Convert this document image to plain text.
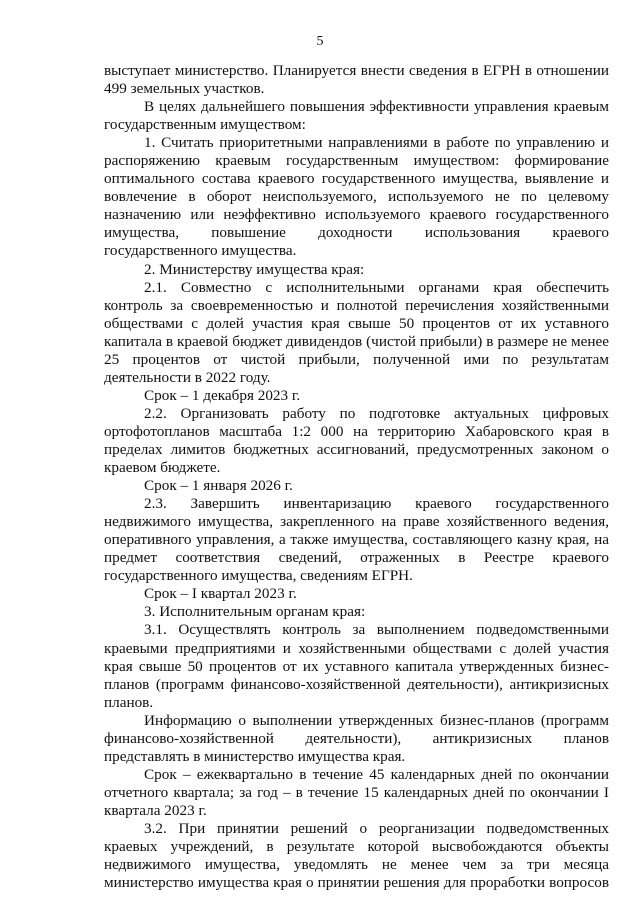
5

выступает министерство. Планируется внести сведения в ЕГРН в отношении 499 земельных участков.

В целях дальнейшего повышения эффективности управления краевым государственным имуществом:

1. Считать приоритетными направлениями в работе по управлению и распоряжению краевым государственным имуществом: формирование оптимального состава краевого государственного имущества, выявление и вовлечение в оборот неиспользуемого, используемого не по целевому назначению или неэффективно используемого краевого государственного имущества, повышение доходности использования краевого государственного имущества.

2. Министерству имущества края:

2.1. Совместно с исполнительными органами края обеспечить контроль за своевременностью и полнотой перечисления хозяйственными обществами с долей участия края свыше 50 процентов от их уставного капитала в краевой бюджет дивидендов (чистой прибыли) в размере не менее 25 процентов от чистой прибыли, полученной ими по результатам деятельности в 2022 году.

Срок – 1 декабря 2023 г.

2.2. Организовать работу по подготовке актуальных цифровых ортофотопланов масштаба 1:2 000 на территорию Хабаровского края в пределах лимитов бюджетных ассигнований, предусмотренных законом о краевом бюджете.

Срок – 1 января 2026 г.

2.3. Завершить инвентаризацию краевого государственного недвижимого имущества, закрепленного на праве хозяйственного ведения, оперативного управления, а также имущества, составляющего казну края, на предмет соответствия сведений, отраженных в Реестре краевого государственного имущества, сведениям ЕГРН.

Срок – I квартал 2023 г.

3. Исполнительным органам края:

3.1. Осуществлять контроль за выполнением подведомственными краевыми предприятиями и хозяйственными обществами с долей участия края свыше 50 процентов от их уставного капитала утвержденных бизнес-планов (программ финансово-хозяйственной деятельности), антикризисных планов.

Информацию о выполнении утвержденных бизнес-планов (программ финансово-хозяйственной деятельности), антикризисных планов представлять в министерство имущества края.

Срок – ежеквартально в течение 45 календарных дней по окончании отчетного квартала; за год – в течение 15 календарных дней по окончании I квартала 2023 г.

3.2. При принятии решений о реорганизации подведомственных краевых учреждений, в результате которой высвобождаются объекты недвижимого имущества, уведомлять не менее чем за три месяца министерство имущества края о принятии решения для проработки вопросов
